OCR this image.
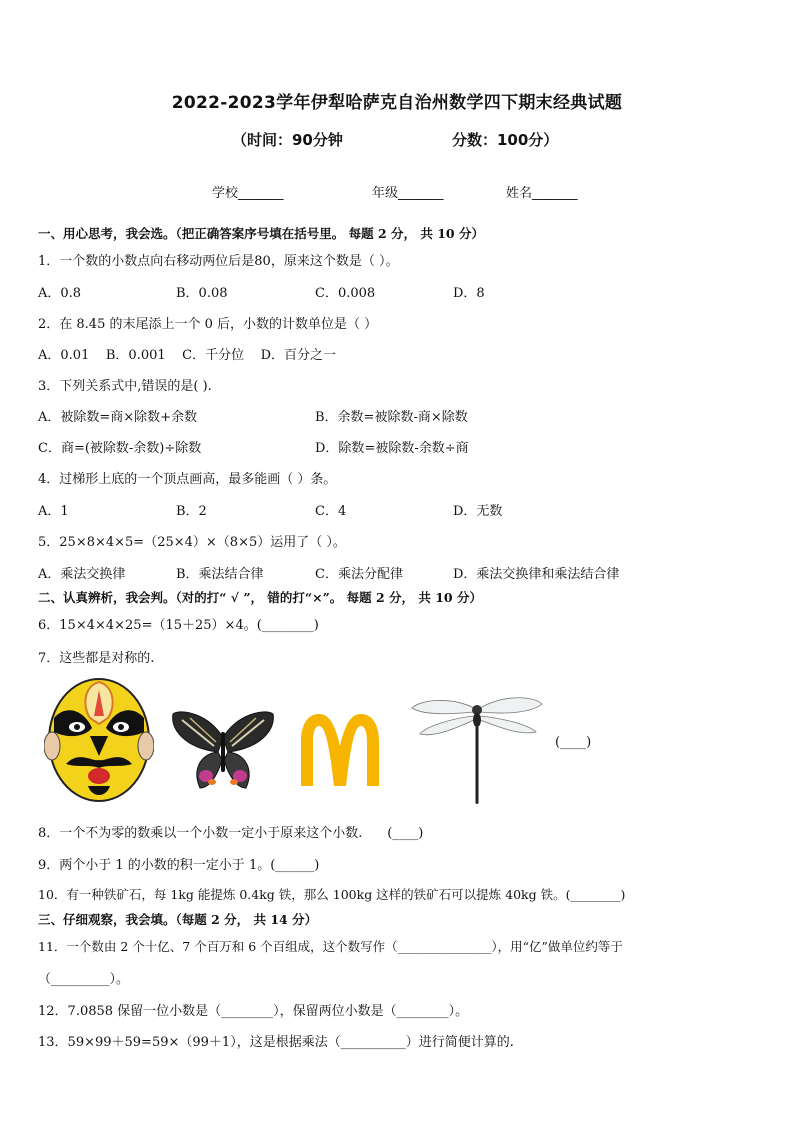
2022-2023学年伊犁哈萨克自治州数学四下期末经典试题
（时间：90分钟	分数：100分）
学校_______	年级_______	姓名_______
一、用心思考，我会选。（把正确答案序号填在括号里。 每题 2 分， 共 10 分）
1．一个数的小数点向右移动两位后是80，原来这个数是（ ）。
A．0.8	B．0.08	C．0.008	D．8
2．在 8.45 的末尾添上一个 0 后，小数的计数单位是（ ）
A．0.01    B．0.001    C．千分位    D．百分之一
3．下列关系式中,错误的是( ).
A．被除数=商×除数+余数	B．余数=被除数-商×除数
C．商=(被除数-余数)÷除数	D．除数=被除数-余数÷商
4．过梯形上底的一个顶点画高，最多能画（ ）条。
A．1	B．2	C．4	D．无数
5．25×8×4×5=（25×4）×（8×5）运用了（ ）。
A．乘法交换律	B．乘法结合律	C．乘法分配律	D．乘法交换律和乘法结合律
二、认真辨析，我会判。（对的打“ √ ”， 错的打“×”。 每题 2 分， 共 10 分）
6．15×4×4×25=（15＋25）×4。(________)
7．这些都是对称的.
(____)
8．一个不为零的数乘以一个小数一定小于原来这个小数.      (____)
9．两个小于 1 的小数的积一定小于 1。(______)
10．有一种铁矿石，每 1kg 能提炼 0.4kg 铁，那么 100kg 这样的铁矿石可以提炼 40kg 铁。(________)
三、仔细观察，我会填。（每题 2 分， 共 14 分）
11．一个数由 2 个十亿、7 个百万和 6 个百组成，这个数写作（_______________），用“亿”做单位约等于
（_________）。
12．7.0858 保留一位小数是（________），保留两位小数是（________）。
13．59×99＋59=59×（99＋1），这是根据乘法（__________）进行简便计算的.
